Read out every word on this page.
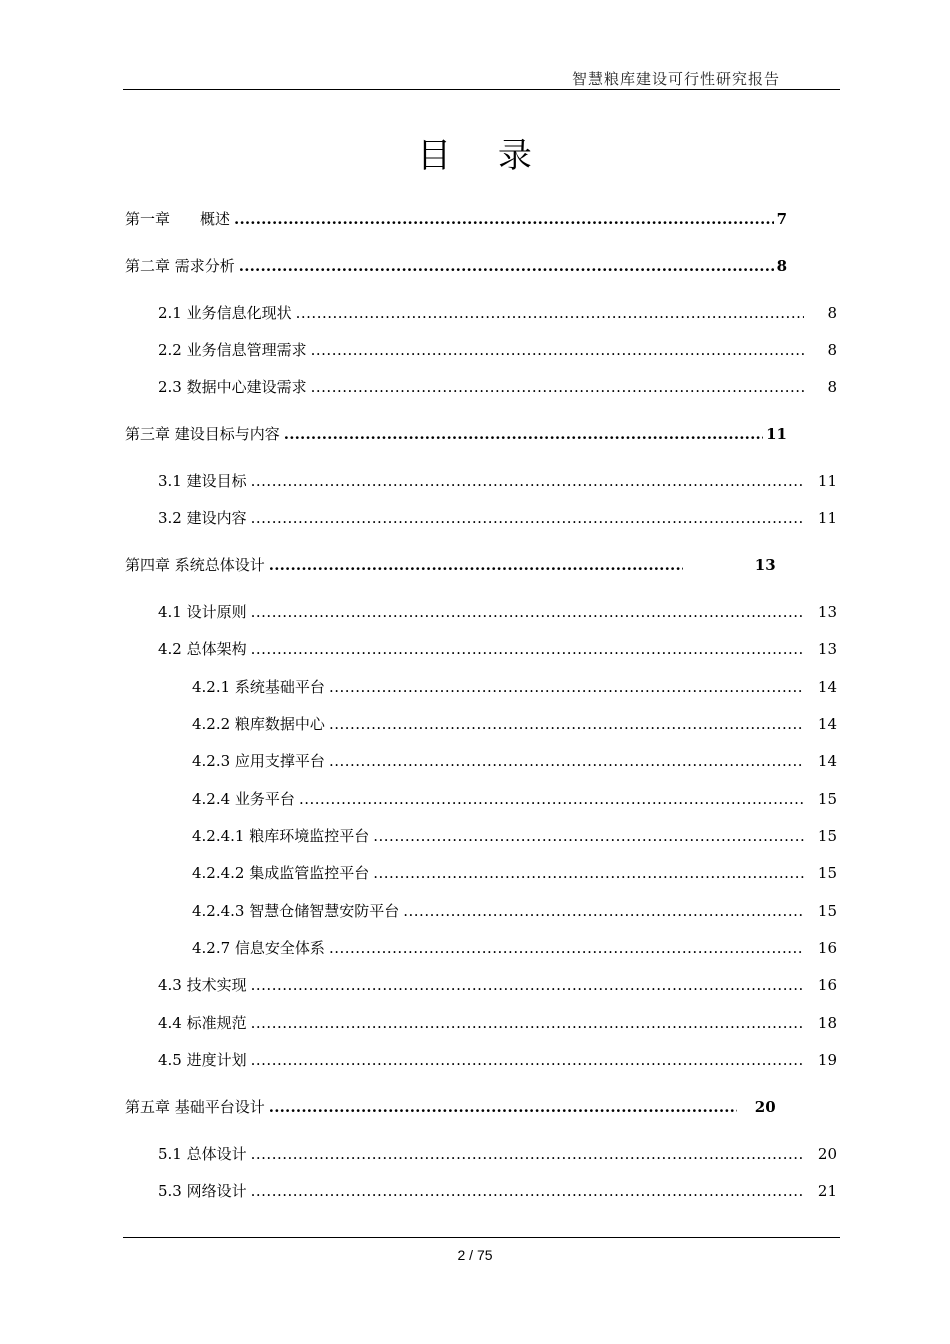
智慧粮库建设可行性研究报告
目 录
第一章　　概述 .....	7
第二章 需求分析 .....	8
2.1 业务信息化现状 .....	8
2.2 业务信息管理需求 .....	8
2.3 数据中心建设需求 .....	8
第三章 建设目标与内容 .....	11
3.1 建设目标 .....	11
3.2 建设内容 .....	11
第四章 系统总体设计 .....	13
4.1 设计原则 .....	13
4.2 总体架构 .....	13
4.2.1 系统基础平台 .....	14
4.2.2 粮库数据中心 .....	14
4.2.3 应用支撑平台 .....	14
4.2.4 业务平台 .....	15
4.2.4.1 粮库环境监控平台 .....	15
4.2.4.2 集成监管监控平台 .....	15
4.2.4.3 智慧仓储智慧安防平台 .....	15
4.2.7 信息安全体系 .....	16
4.3 技术实现 .....	16
4.4 标准规范 .....	18
4.5 进度计划 .....	19
第五章 基础平台设计 .....	20
5.1 总体设计 .....	20
5.3 网络设计 .....	21
2 / 75
